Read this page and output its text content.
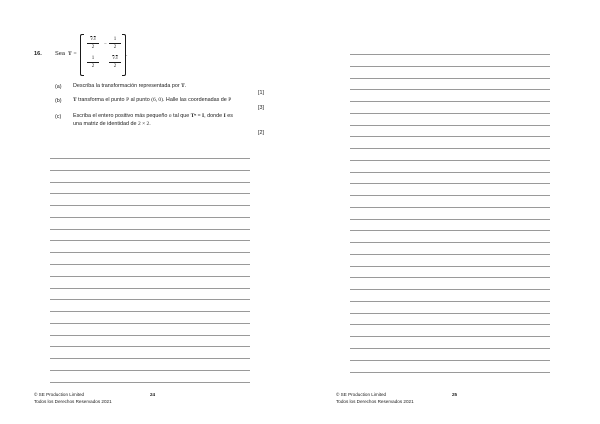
16. Sea T =
√3
2
−
1
2
1
2
√3
2
.
(a) Describa la transformación representada por T.
[1]
(b) T transforma el punto P al punto (6, 0). Halle las coordenadas de P
[3]
(c) Escriba el entero positivo más pequeño n tal que Tⁿ = I, donde I es
una matriz de identidad de 2 × 2.
[2]
© SE Production Limited
Todos los Derechos Reservados 2021
24	© SE Production Limited
Todos los Derechos Reservados 2021
25
